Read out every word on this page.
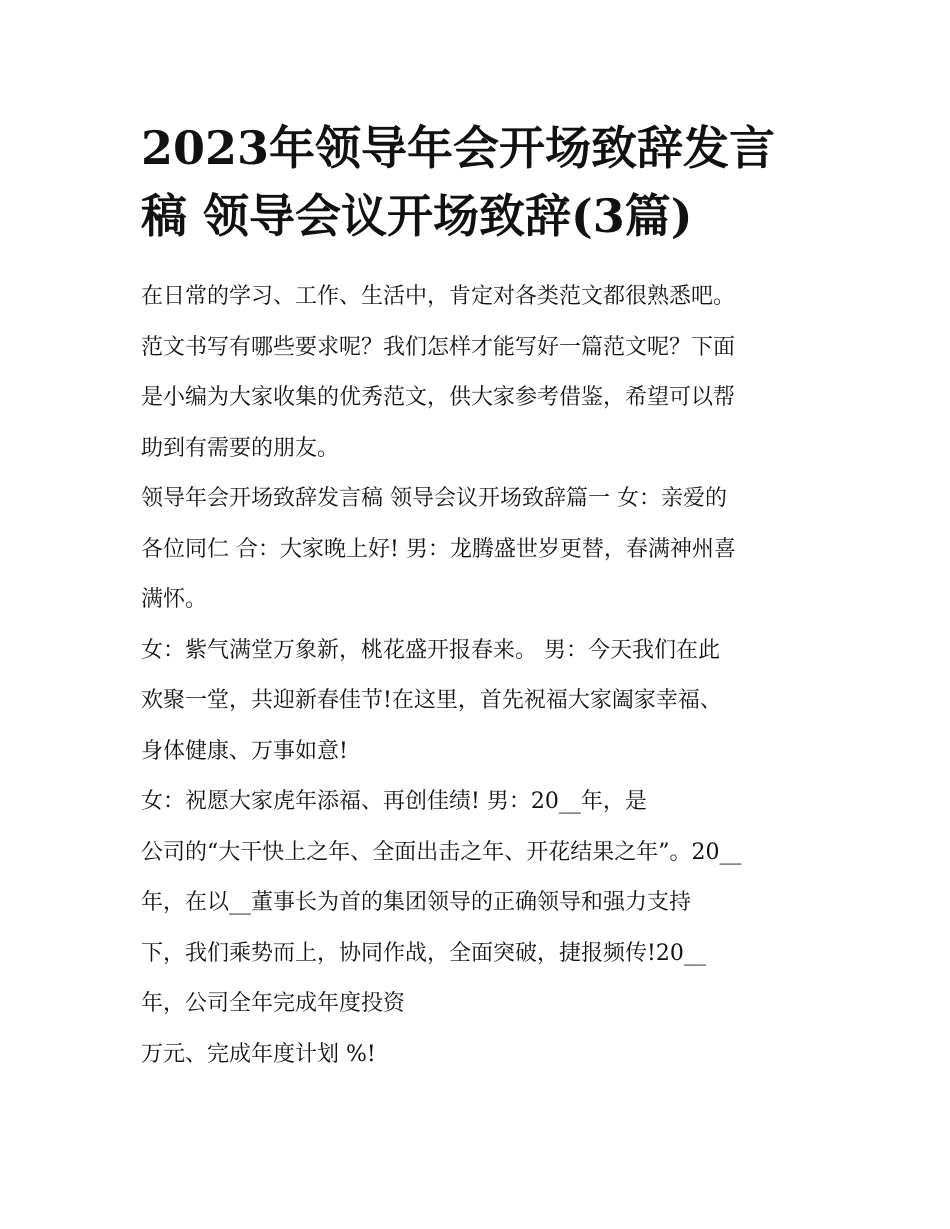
2023年领导年会开场致辞发言
稿 领导会议开场致辞(3篇)
在日常的学习、工作、生活中，肯定对各类范文都很熟悉吧。
范文书写有哪些要求呢？我们怎样才能写好一篇范文呢？下面
是小编为大家收集的优秀范文，供大家参考借鉴，希望可以帮
助到有需要的朋友。
领导年会开场致辞发言稿 领导会议开场致辞篇一 女：亲爱的
各位同仁 合：大家晚上好! 男：龙腾盛世岁更替，春满神州喜
满怀。
女：紫气满堂万象新，桃花盛开报春来。 男：今天我们在此
欢聚一堂，共迎新春佳节!在这里，首先祝福大家阖家幸福、
身体健康、万事如意!
女：祝愿大家虎年添福、再创佳绩! 男：20__年，是
公司的“大干快上之年、全面出击之年、开花结果之年”。20__
年，在以__董事长为首的集团领导的正确领导和强力支持
下，我们乘势而上，协同作战，全面突破，捷报频传!20__
年，公司全年完成年度投资
万元、完成年度计划 %!
